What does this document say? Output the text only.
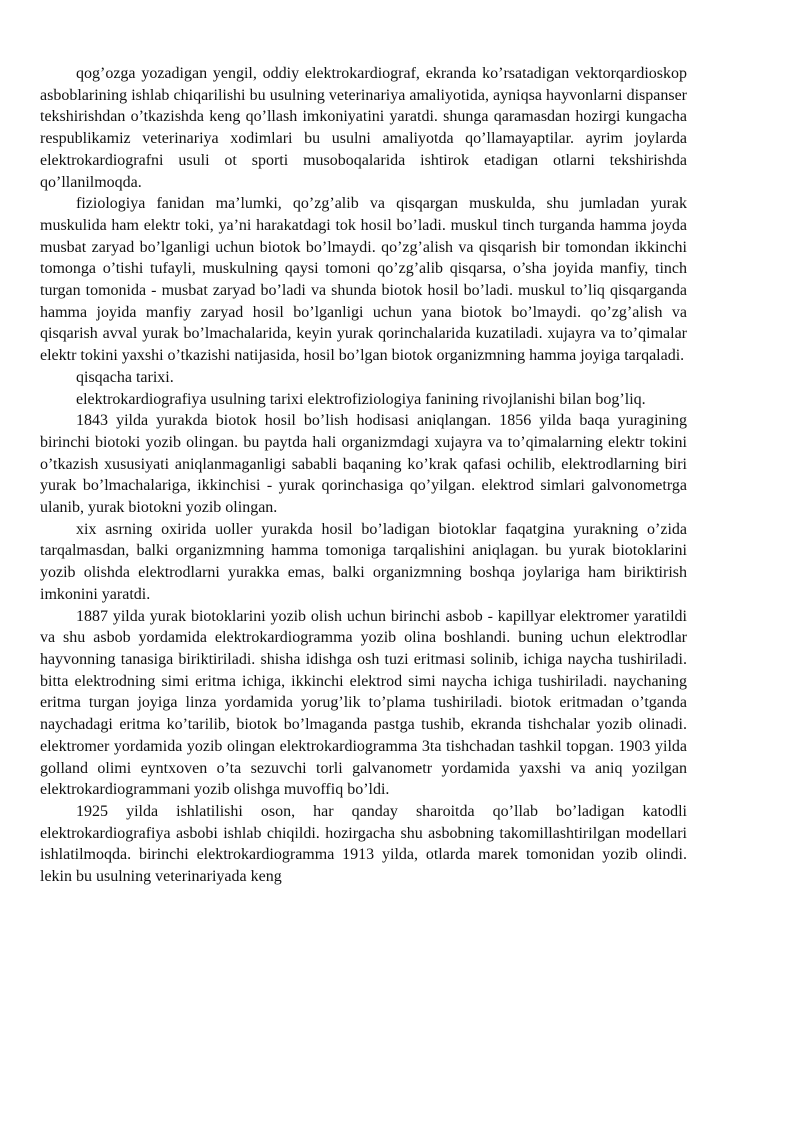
qog’ozga yozadigan yengil, oddiy elektrokardiograf, ekranda ko’rsatadigan vektorqardioskop asboblarining ishlab chiqarilishi bu usulning veterinariya amaliyotida, ayniqsa hayvonlarni dispanser tekshirishdan o’tkazishda keng qo’llash imkoniyatini yaratdi. shunga qaramasdan hozirgi kungacha respublikamiz veterinariya xodimlari bu usulni amaliyotda qo’llamayaptilar. ayrim joylarda elektrokardiografni usuli ot sporti musoboqalarida ishtirok etadigan otlarni tekshirishda qo’llanilmoqda.

fiziologiya fanidan ma’lumki, qo’zg’alib va qisqargan muskulda, shu jumladan yurak muskulida ham elektr toki, ya’ni harakatdagi tok hosil bo’ladi. muskul tinch turganda hamma joyda musbat zaryad bo’lganligi uchun biotok bo’lmaydi. qo’zg’alish va qisqarish bir tomondan ikkinchi tomonga o’tishi tufayli, muskulning qaysi tomoni qo’zg’alib qisqarsa, o’sha joyida manfiy, tinch turgan tomonida - musbat zaryad bo’ladi va shunda biotok hosil bo’ladi. muskul to’liq qisqarganda hamma joyida manfiy zaryad hosil bo’lganligi uchun yana biotok bo’lmaydi. qo’zg’alish va qisqarish avval yurak bo’lmachalarida, keyin yurak qorinchalarida kuzatiladi. xujayra va to’qimalar elektr tokini yaxshi o’tkazishi natijasida, hosil bo’lgan biotok organizmning hamma joyiga tarqaladi.

qisqacha tarixi.

elektrokardiografiya usulning tarixi elektrofiziologiya fanining rivojlanishi bilan bog’liq.

1843 yilda yurakda biotok hosil bo’lish hodisasi aniqlangan. 1856 yilda baqa yuragining birinchi biotoki yozib olingan. bu paytda hali organizmdagi xujayra va to’qimalarning elektr tokini o’tkazish xususiyati aniqlanmaganligi sababli baqaning ko’krak qafasi ochilib, elektrodlarning biri yurak bo’lmachalariga, ikkinchisi - yurak qorinchasiga qo’yilgan. elektrod simlari galvonometrga ulanib, yurak biotokni yozib olingan.

xix asrning oxirida uoller yurakda hosil bo’ladigan biotoklar faqatgina yurakning o’zida tarqalmasdan, balki organizmning hamma tomoniga tarqalishini aniqlagan. bu yurak biotoklarini yozib olishda elektrodlarni yurakka emas, balki organizmning boshqa joylariga ham biriktirish imkonini yaratdi.

1887 yilda yurak biotoklarini yozib olish uchun birinchi asbob - kapillyar elektromer yaratildi va shu asbob yordamida elektrokardiogramma yozib olina boshlandi. buning uchun elektrodlar hayvonning tanasiga biriktiriladi. shisha idishga osh tuzi eritmasi solinib, ichiga naycha tushiriladi. bitta elektrodning simi eritma ichiga, ikkinchi elektrod simi naycha ichiga tushiriladi. naychaning eritma turgan joyiga linza yordamida yorug’lik to’plama tushiriladi. biotok eritmadan o’tganda naychadagi eritma ko’tarilib, biotok bo’lmaganda pastga tushib, ekranda tishchalar yozib olinadi. elektromer yordamida yozib olingan elektrokardiogramma 3ta tishchadan tashkil topgan. 1903 yilda golland olimi eyntxoven o’ta sezuvchi torli galvanometr yordamida yaxshi va aniq yozilgan elektrokardiogrammani yozib olishga muvoffiq bo’ldi.

1925 yilda ishlatilishi oson, har qanday sharoitda qo’llab bo’ladigan katodli elektrokardiografiya asbobi ishlab chiqildi. hozirgacha shu asbobning takomillashtirilgan modellari ishlatilmoqda. birinchi elektrokardiogramma 1913 yilda, otlarda marek tomonidan yozib olindi. lekin bu usulning veterinariyada keng
